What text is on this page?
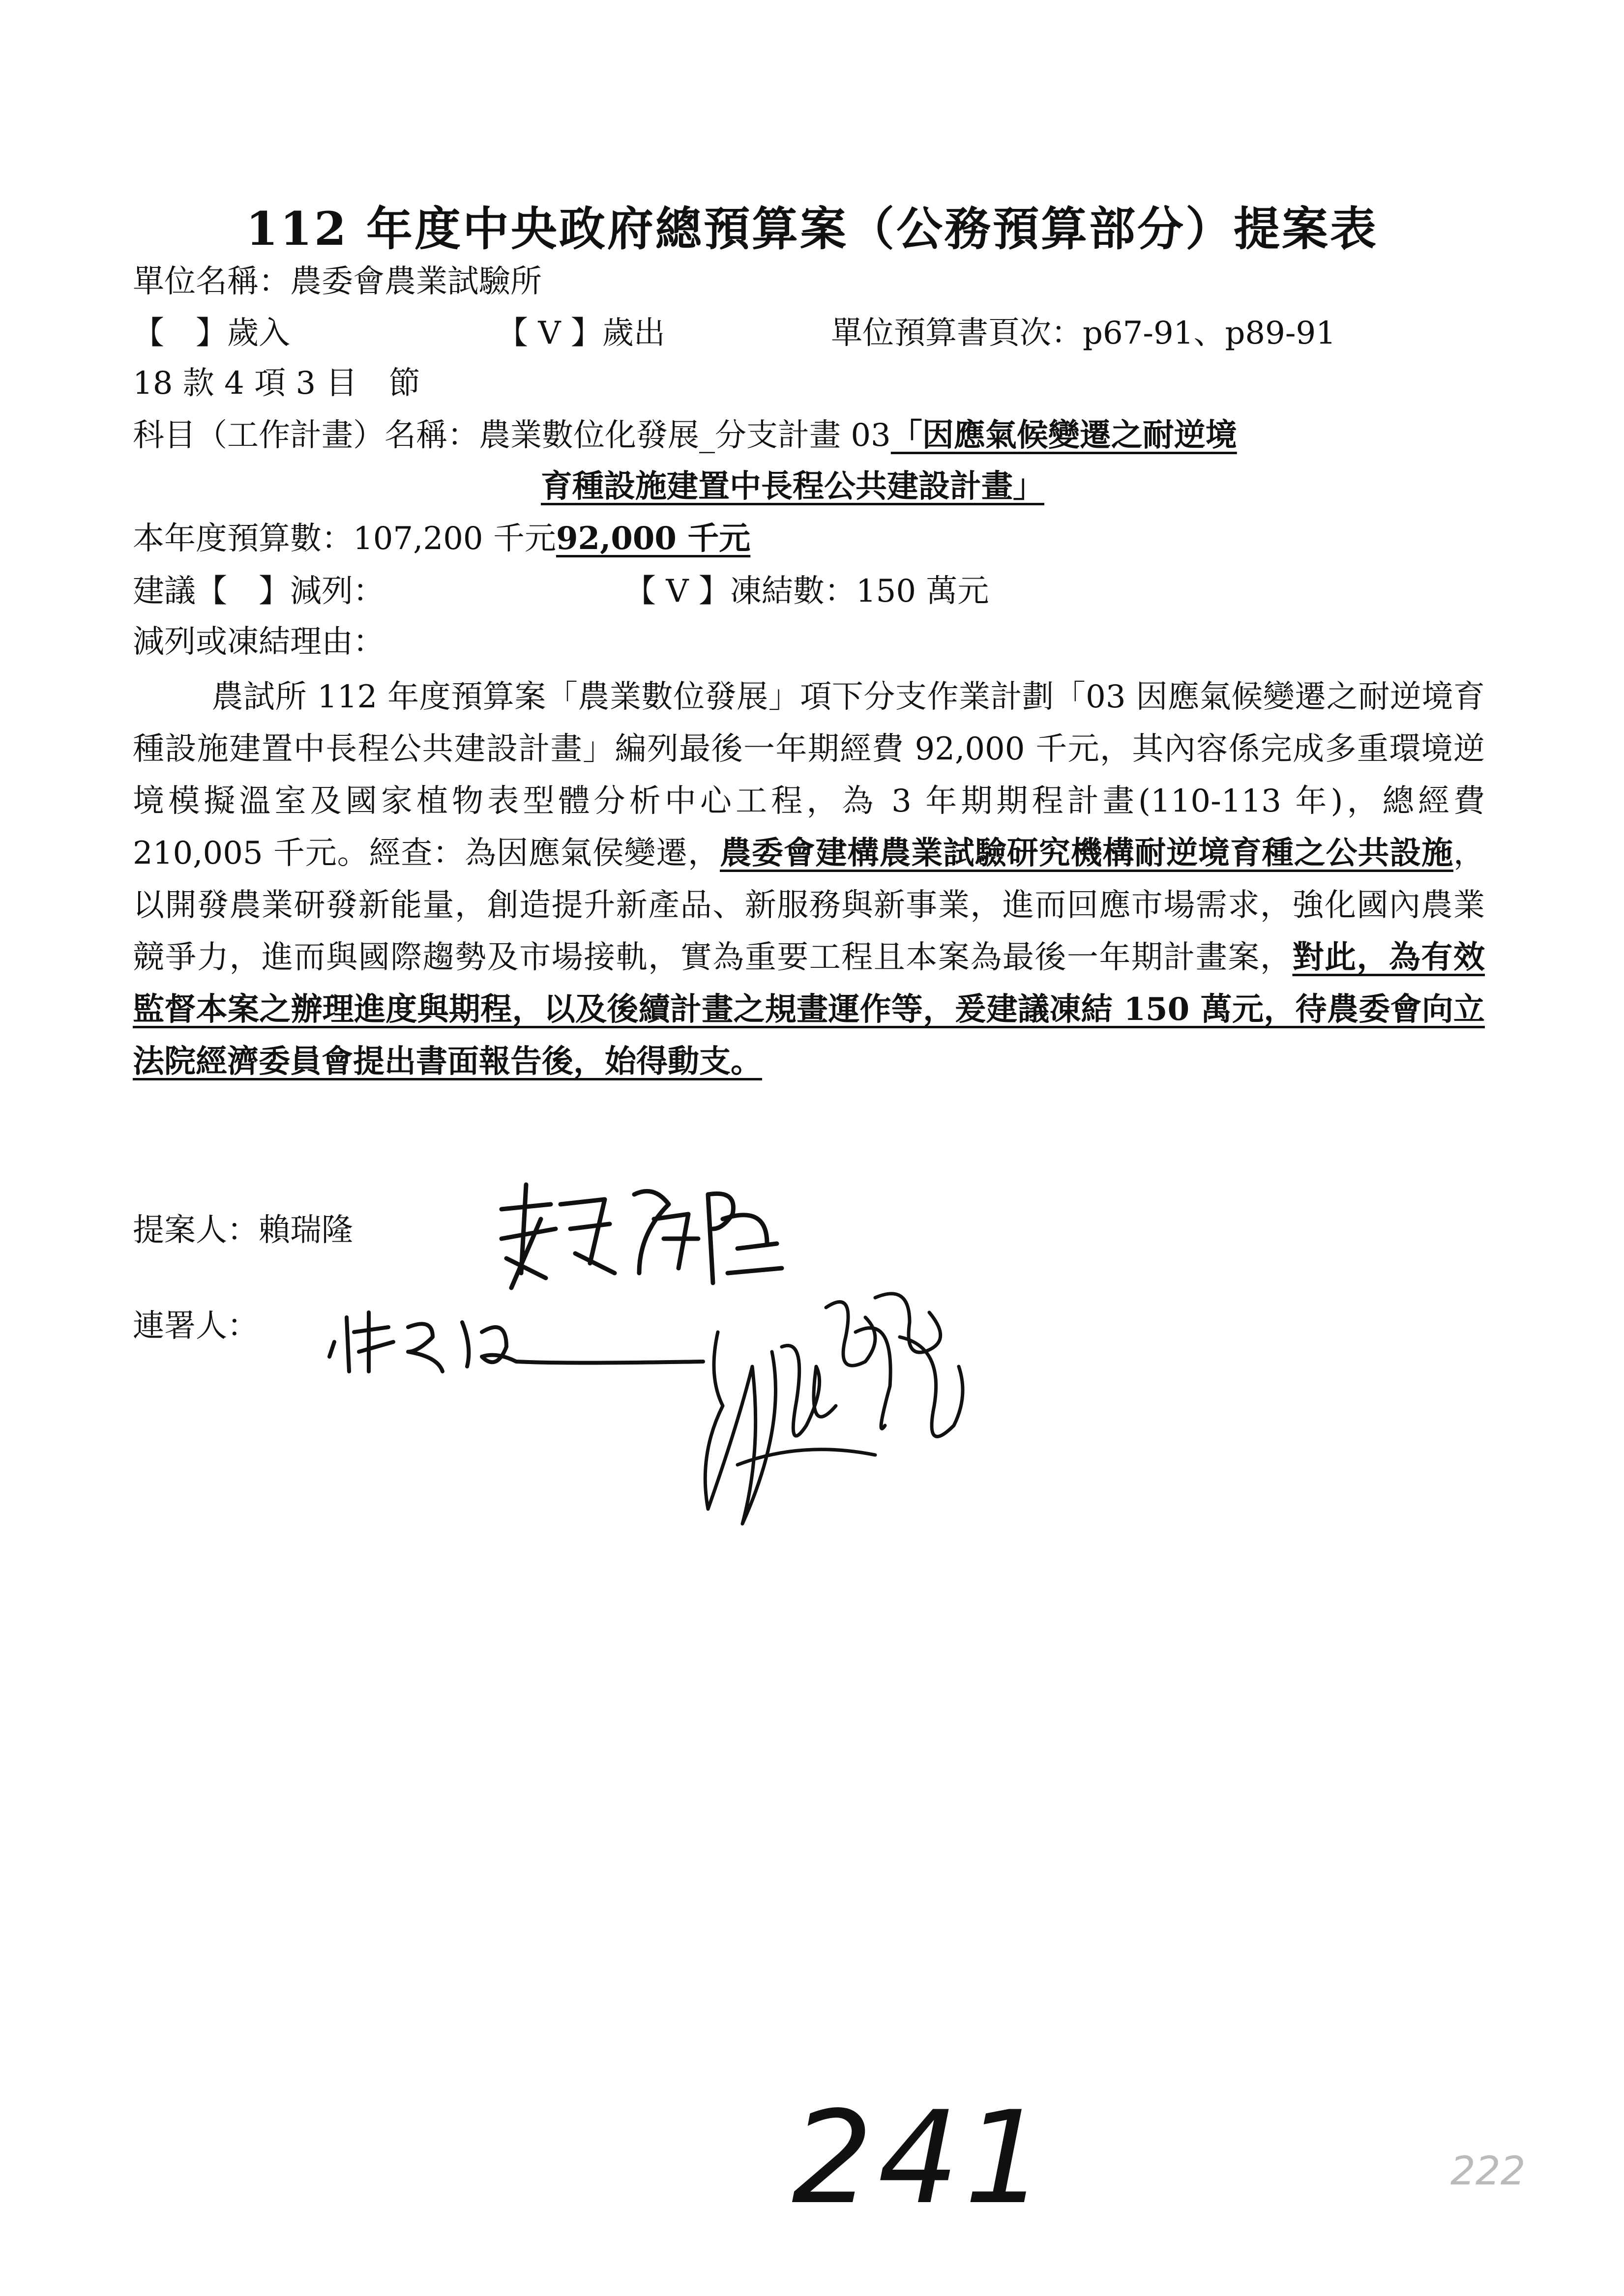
112 年度中央政府總預算案（公務預算部分）提案表
單位名稱：農委會農業試驗所
【　】歲入	【 V 】歲出	單位預算書頁次：p67-91、p89-91
18 款 4 項 3 目　節
科目（工作計畫）名稱：農業數位化發展_分支計畫 03「因應氣候變遷之耐逆境
育種設施建置中長程公共建設計畫」
本年度預算數：107,200 千元92,000 千元
建議【　】減列：	【 V 】凍結數：150 萬元
減列或凍結理由：
農試所 112 年度預算案「農業數位發展」項下分支作業計劃「03 因應氣候變遷之耐逆境育種設施建置中長程公共建設計畫」編列最後一年期經費 92,000 千元，其內容係完成多重環境逆境模擬溫室及國家植物表型體分析中心工程，為 3 年期期程計畫(110-113 年)，總經費 210,005 千元。經查：為因應氣侯變遷，農委會建構農業試驗研究機構耐逆境育種之公共設施，以開發農業研發新能量，創造提升新產品、新服務與新事業，進而回應市場需求，強化國內農業競爭力，進而與國際趨勢及市場接軌，實為重要工程且本案為最後一年期計畫案，對此，為有效監督本案之辦理進度與期程，以及後續計畫之規畫運作等，爰建議凍結 150 萬元，待農委會向立法院經濟委員會提出書面報告後，始得動支。
提案人：賴瑞隆
連署人：
241	222
